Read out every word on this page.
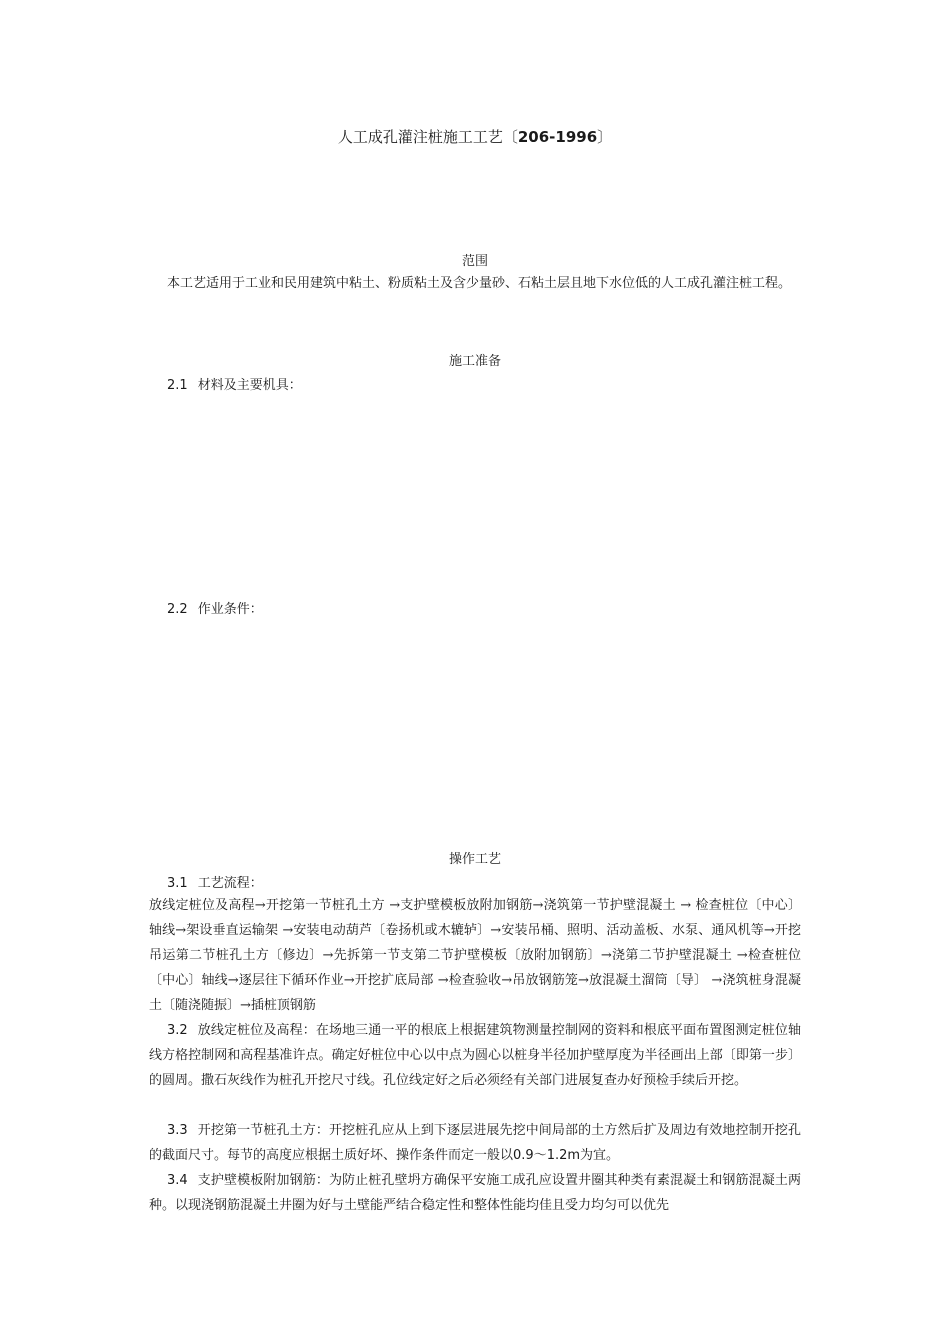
人工成孔灌注桩施工工艺〔206-1996〕
范围
本工艺适用于工业和民用建筑中粘土、粉质粘土及含少量砂、石粘土层且地下水位低的人工成孔灌注桩工程。
施工准备
2.1 材料及主要机具：
2.2 作业条件：
操作工艺
3.1 工艺流程：
放线定桩位及高程→开挖第一节桩孔土方 →支护壁模板放附加钢筋→浇筑第一节护壁混凝土 → 检查桩位〔中心〕轴线→架设垂直运输架 →安装电动葫芦〔卷扬机或木辘轳〕→安装吊桶、照明、活动盖板、水泵、通风机等→开挖吊运第二节桩孔土方〔修边〕→先拆第一节支第二节护壁模板〔放附加钢筋〕→浇第二节护壁混凝土 →检查桩位〔中心〕轴线→逐层往下循环作业→开挖扩底局部 →检查验收→吊放钢筋笼→放混凝土溜筒〔导〕 →浇筑桩身混凝土〔随浇随振〕→插桩顶钢筋
3.2 放线定桩位及高程：在场地三通一平的根底上根据建筑物测量控制网的资料和根底平面布置图测定桩位轴线方格控制网和高程基准许点。确定好桩位中心以中点为圆心以桩身半径加护壁厚度为半径画出上部〔即第一步〕的圆周。撒石灰线作为桩孔开挖尺寸线。孔位线定好之后必须经有关部门进展复查办好预检手续后开挖。
3.3 开挖第一节桩孔土方：开挖桩孔应从上到下逐层进展先挖中间局部的土方然后扩及周边有效地控制开挖孔的截面尺寸。每节的高度应根据土质好坏、操作条件而定一般以0.9～1.2m为宜。
3.4 支护壁模板附加钢筋：为防止桩孔壁坍方确保平安施工成孔应设置井圈其种类有素混凝土和钢筋混凝土两种。以现浇钢筋混凝土井圈为好与土壁能严结合稳定性和整体性能均佳且受力均匀可以优先
